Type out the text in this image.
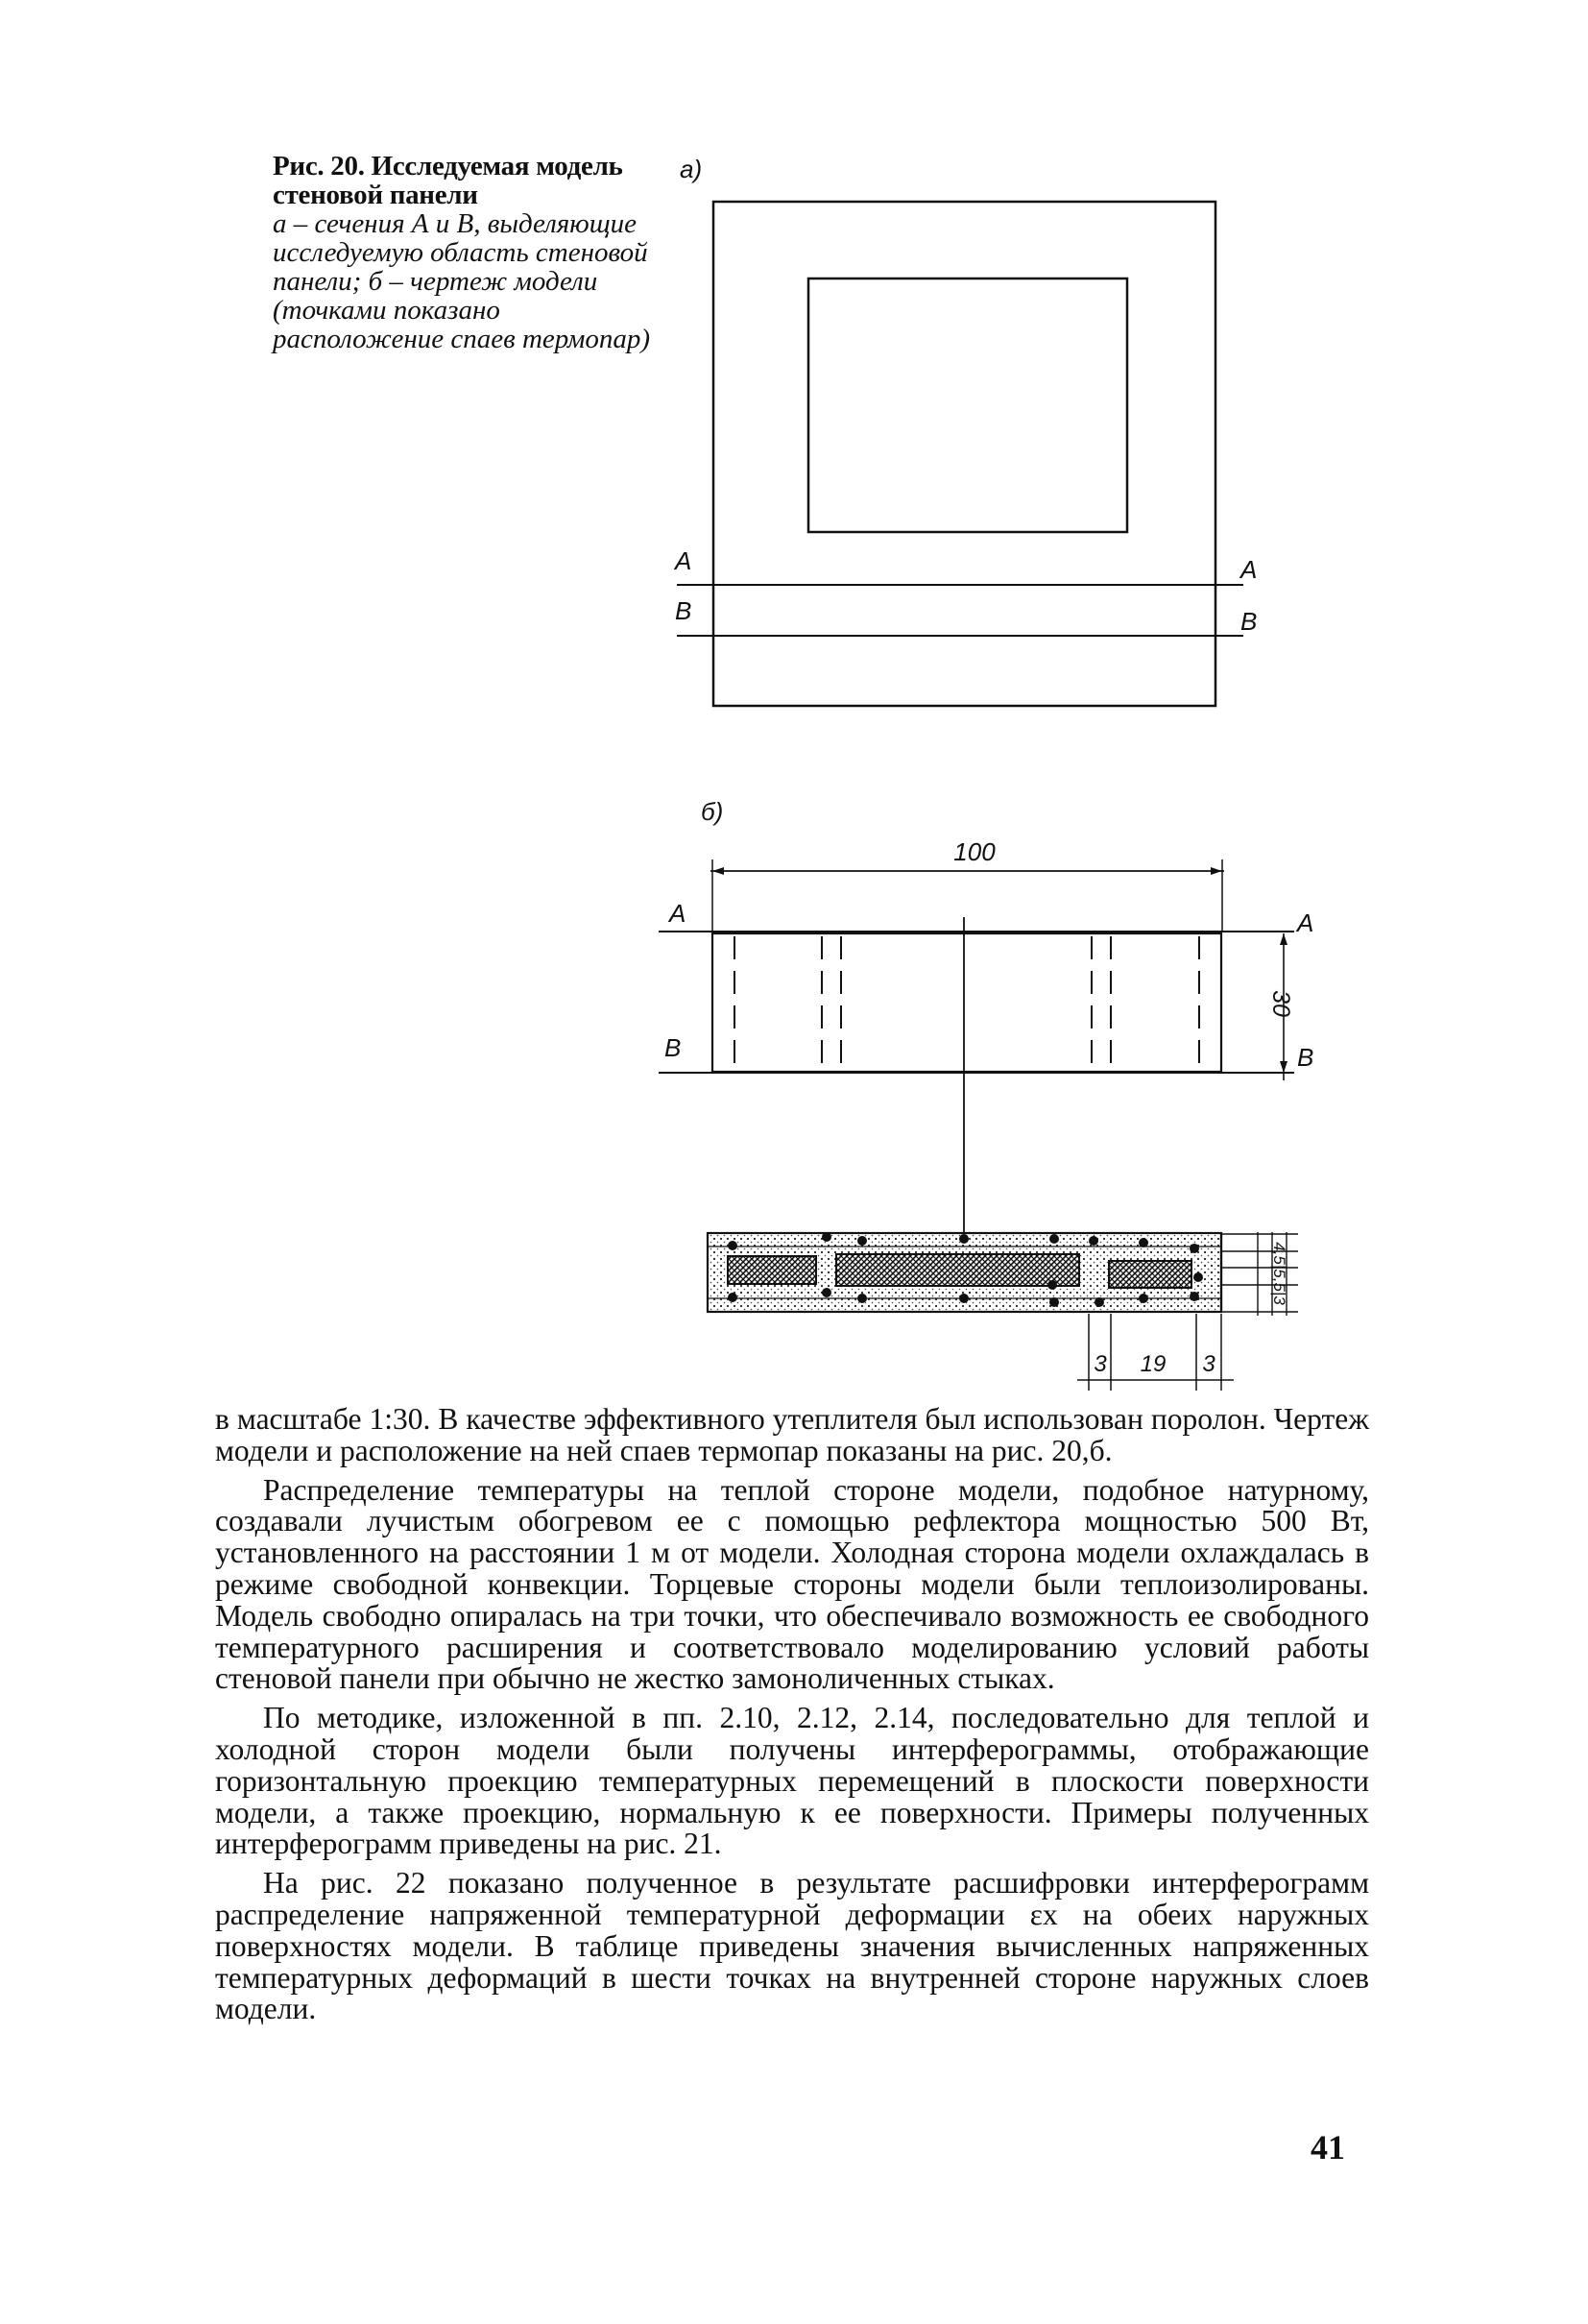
Рис. 20. Исследуемая модель стеновой панели

а – сечения А и В, выделяющие исследуемую область стеновой панели; б – чертеж модели (точками показано расположение спаев термопар)

а)
А	А
В	В
б)
100
А
В
А
В
30
4,5|5,5|3
3 19 3

в масштабе 1:30. В качестве эффективного утеплителя был использован поролон. Чертеж модели и расположение на ней спаев термопар показаны на рис. 20,б.

Распределение температуры на теплой стороне модели, подобное натурному, создавали лучистым обогревом ее с помощью рефлектора мощностью 500 Вт, установленного на расстоянии 1 м от модели. Холодная сторона модели охлаждалась в режиме свободной конвекции. Торцевые стороны модели были теплоизолированы. Модель свободно опиралась на три точки, что обеспечивало возможность ее свободного температурного расширения и соответствовало моделированию условий работы стеновой панели при обычно не жестко замоноличенных стыках.

По методике, изложенной в пп. 2.10, 2.12, 2.14, последовательно для теплой и холодной сторон модели были получены интерферограммы, отображающие горизонтальную проекцию температурных перемещений в плоскости поверхности модели, а также проекцию, нормальную к ее поверхности. Примеры полученных интерферограмм приведены на рис. 21.

На рис. 22 показано полученное в результате расшифровки интерферограмм распределение напряженной температурной деформации εx на обеих наружных поверхностях модели. В таблице приведены значения вычисленных напряженных температурных деформаций в шести точках на внутренней стороне наружных слоев модели.

41
